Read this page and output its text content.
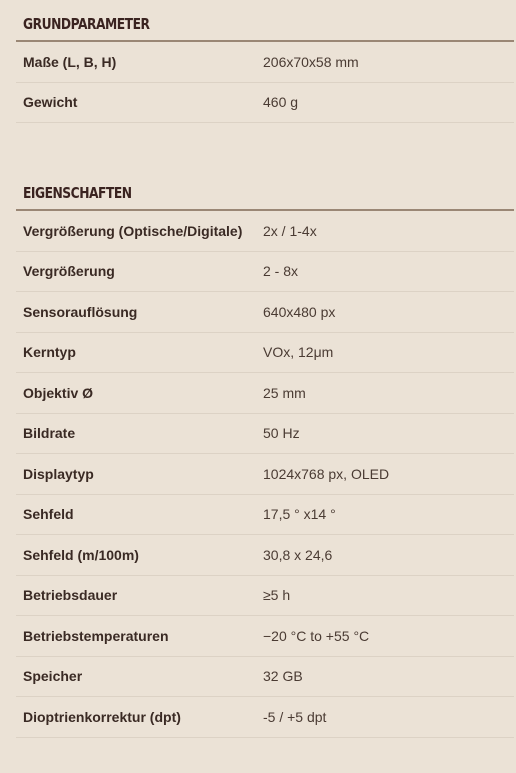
GRUNDPARAMETER
Maße (L, B, H)	206x70x58 mm
Gewicht	460 g
EIGENSCHAFTEN
Vergrößerung (Optische/Digitale) 2x / 1-4x
Vergrößerung	2 - 8x
Sensorauflösung	640x480 px
Kerntyp	VOx, 12μm
Objektiv Ø	25 mm
Bildrate	50 Hz
Displaytyp	1024x768 px, OLED
Sehfeld	17,5 ° x14 °
Sehfeld (m/100m)	30,8 x 24,6
Betriebsdauer	≥5 h
Betriebstemperaturen	−20 °C to +55 °C
Speicher	32 GB
Dioptrienkorrektur (dpt)	-5 / +5 dpt
